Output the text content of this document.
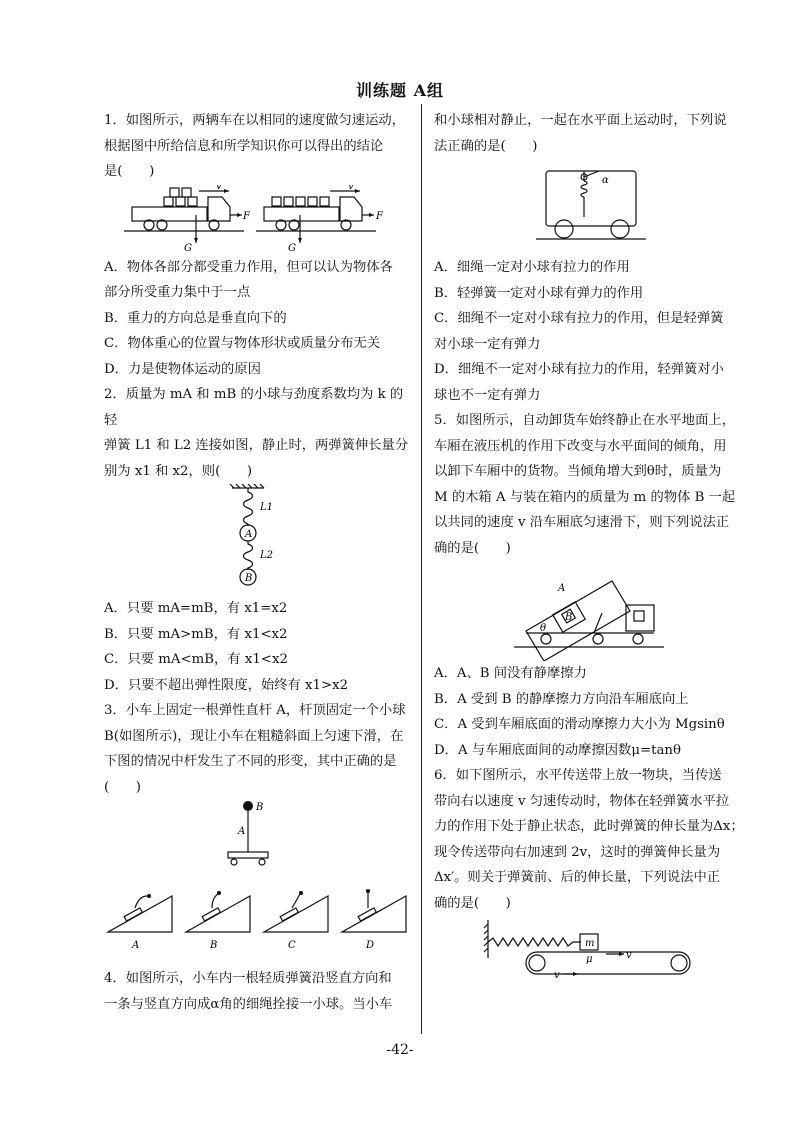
训练题 A组

1．如图所示，两辆车在以相同的速度做匀速运动，

根据图中所给信息和所学知识你可以得出的结论

是(　　)

v
F
G
v
F
G

A．物体各部分都受重力作用，但可以认为物体各

部分所受重力集中于一点

B．重力的方向总是垂直向下的

C．物体重心的位置与物体形状或质量分布无关

D．力是使物体运动的原因

2．质量为 mA 和 mB 的小球与劲度系数均为 k 的轻

弹簧 L1 和 L2 连接如图，静止时，两弹簧伸长量分

别为 x1 和 x2，则(　　)

L1
A
L2
B

A．只要 mA=mB，有 x1=x2

B．只要 mA>mB，有 x1<x2

C．只要 mA<mB，有 x1<x2

D．只要不超出弹性限度，始终有 x1>x2

3．小车上固定一根弹性直杆 A，杆顶固定一个小球

B(如图所示)，现让小车在粗糙斜面上匀速下滑，在

下图的情况中杆发生了不同的形变，其中正确的是

(　　)

B
A
A	B	C	D

4．如图所示，小车内一根轻质弹簧沿竖直方向和

一条与竖直方向成α角的细绳拴接一小球。当小车

和小球相对静止，一起在水平面上运动时，下列说

法正确的是(　　)

α

A．细绳一定对小球有拉力的作用

B．轻弹簧一定对小球有弹力的作用

C．细绳不一定对小球有拉力的作用，但是轻弹簧

对小球一定有弹力

D．细绳不一定对小球有拉力的作用，轻弹簧对小

球也不一定有弹力

5．如图所示，自动卸货车始终静止在水平地面上，

车厢在液压机的作用下改变与水平面间的倾角，用

以卸下车厢中的货物。当倾角增大到θ时，质量为

M 的木箱 A 与装在箱内的质量为 m 的物体 B 一起

以共同的速度 v 沿车厢底匀速滑下，则下列说法正

确的是(　　)

A
B
θ

A．A、B 间没有静摩擦力

B．A 受到 B 的静摩擦力方向沿车厢底向上

C．A 受到车厢底面的滑动摩擦力大小为 Mgsinθ

D．A 与车厢底面间的动摩擦因数μ=tanθ

6．如下图所示，水平传送带上放一物块，当传送

带向右以速度 v 匀速传动时，物体在轻弹簧水平拉

力的作用下处于静止状态，此时弹簧的伸长量为Δx；

现令传送带向右加速到 2v，这时的弹簧伸长量为

Δx′。则关于弹簧前、后的伸长量，下列说法中正

确的是(　　)

m
μ	v
v
-42-
